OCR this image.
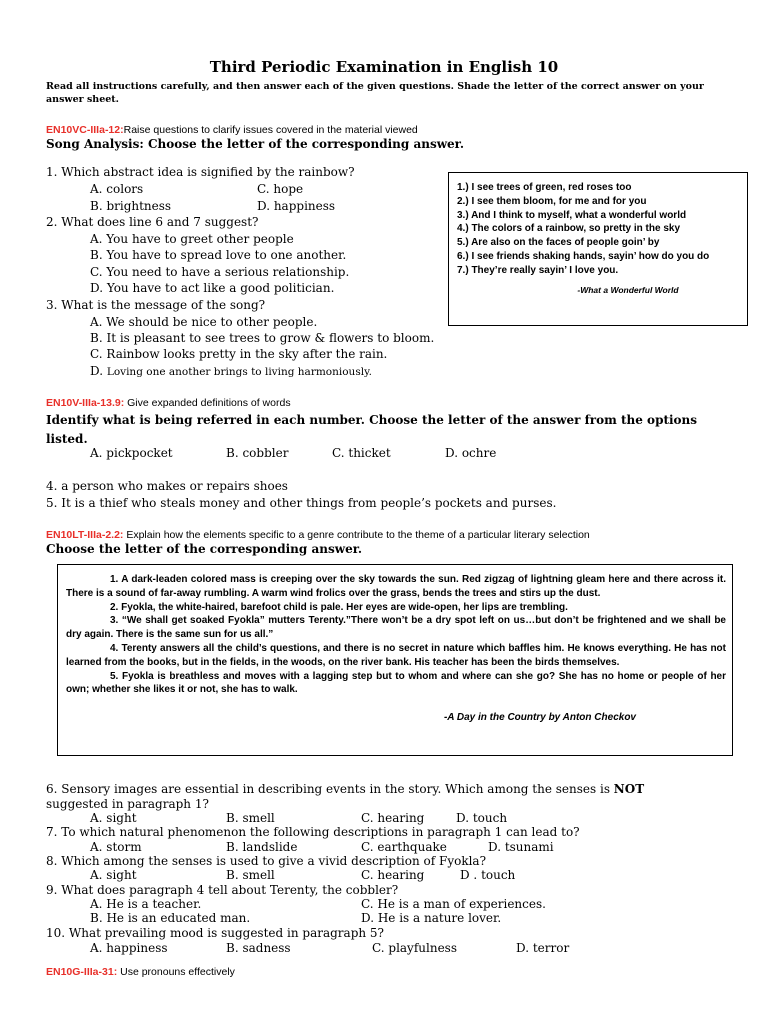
Third Periodic Examination in English 10
Read all instructions carefully, and then answer each of the given questions. Shade the letter of the correct answer on your answer sheet.
EN10VC-IIIa-12:Raise questions to clarify issues covered in the material viewed
Song Analysis: Choose the letter of the corresponding answer.
1. Which abstract idea is signified by the rainbow?
A. colors	C. hope
B. brightness	D. happiness
2. What does line 6 and 7 suggest?
A. You have to greet other people
B. You have to spread love to one another.
C. You need to have a serious relationship.
D. You have to act like a good politician.
3. What is the message of the song?
A. We should be nice to other people.
B. It is pleasant to see trees to grow & flowers to bloom.
C. Rainbow looks pretty in the sky after the rain.
D. Loving one another brings to living harmoniously.
1.) I see trees of green, red roses too
2.) I see them bloom, for me and for you
3.) And I think to myself, what a wonderful world
4.) The colors of a rainbow, so pretty in the sky
5.) Are also on the faces of people goin’ by
6.) I see friends shaking hands, sayin’ how do you do
7.) They’re really sayin’ I love you.
-What a Wonderful World
EN10V-IIIa-13.9: Give expanded definitions of words
Identify what is being referred in each number. Choose the letter of the answer from the options listed.
A. pickpocket	B. cobbler	C. thicket	D. ochre
4. a person who makes or repairs shoes
5. It is a thief who steals money and other things from people’s pockets and purses.
EN10LT-IIIa-2.2: Explain how the elements specific to a genre contribute to the theme of a particular literary selection
Choose the letter of the corresponding answer.

1. A dark-leaden colored mass is creeping over the sky towards the sun. Red zigzag of lightning gleam here and there across it. There is a sound of far-away rumbling. A warm wind frolics over the grass, bends the trees and stirs up the dust.

2. Fyokla, the white-haired, barefoot child is pale. Her eyes are wide-open, her lips are trembling.

3. “We shall get soaked Fyokla” mutters Terenty.”There won’t be a dry spot left on us…but don’t be frightened and we shall be dry again. There is the same sun for us all.”

4. Terenty answers all the child’s questions, and there is no secret in nature which baffles him. He knows everything. He has not learned from the books, but in the fields, in the woods, on the river bank. His teacher has been the birds themselves.

5. Fyokla is breathless and moves with a lagging step but to whom and where can she go? She has no home or people of her own; whether she likes it or not, she has to walk.

-A Day in the Country by Anton Checkov
6. Sensory images are essential in describing events in the story. Which among the senses is NOT
suggested in paragraph 1?
A. sight	B. smell	C. hearing	D. touch
7. To which natural phenomenon the following descriptions in paragraph 1 can lead to?
A. storm	B. landslide	C. earthquake	D. tsunami
8. Which among the senses is used to give a vivid description of Fyokla?
A. sight	B. smell	C. hearing	D . touch
9. What does paragraph 4 tell about Terenty, the cobbler?
A. He is a teacher.	C. He is a man of experiences.
B. He is an educated man.	D. He is a nature lover.
10. What prevailing mood is suggested in paragraph 5?
A. happiness	B. sadness	C. playfulness	D. terror
EN10G-IIIa-31: Use pronouns effectively
